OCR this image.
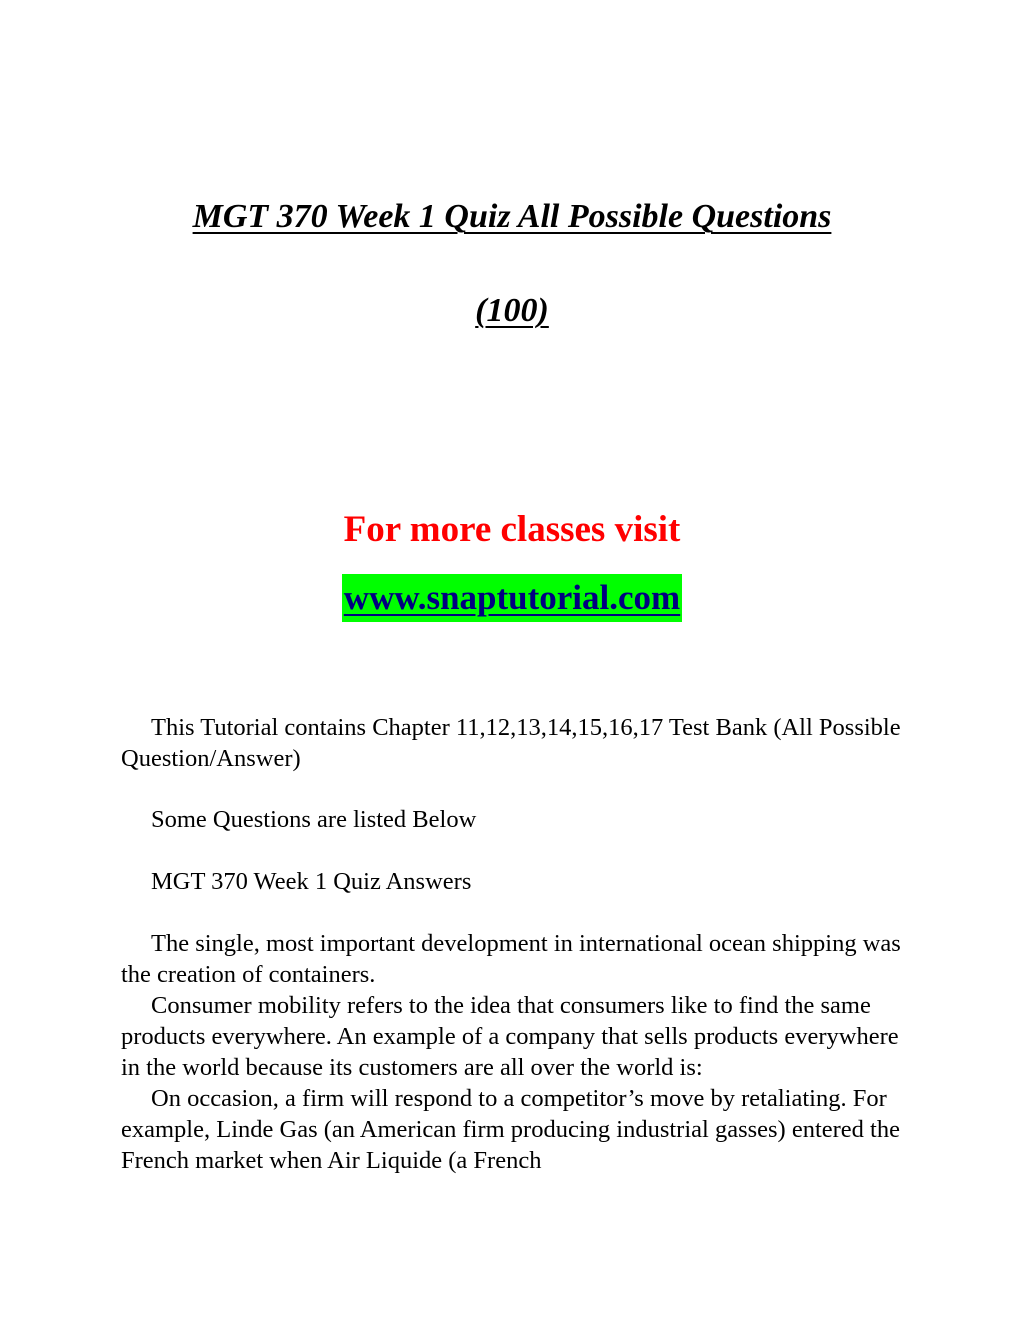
MGT 370 Week 1 Quiz All Possible Questions
(100)
For more classes visit
www.snaptutorial.com

This Tutorial contains Chapter 11,12,13,14,15,16,17 Test Bank (All Possible Question/Answer)

Some Questions are listed Below

MGT 370 Week 1 Quiz Answers

The single, most important development in international ocean shipping was the creation of containers.

Consumer mobility refers to the idea that consumers like to find the same products everywhere. An example of a company that sells products everywhere in the world because its customers are all over the world is:

On occasion, a firm will respond to a competitor’s move by retaliating. For example, Linde Gas (an American firm producing industrial gasses) entered the French market when Air Liquide (a French
